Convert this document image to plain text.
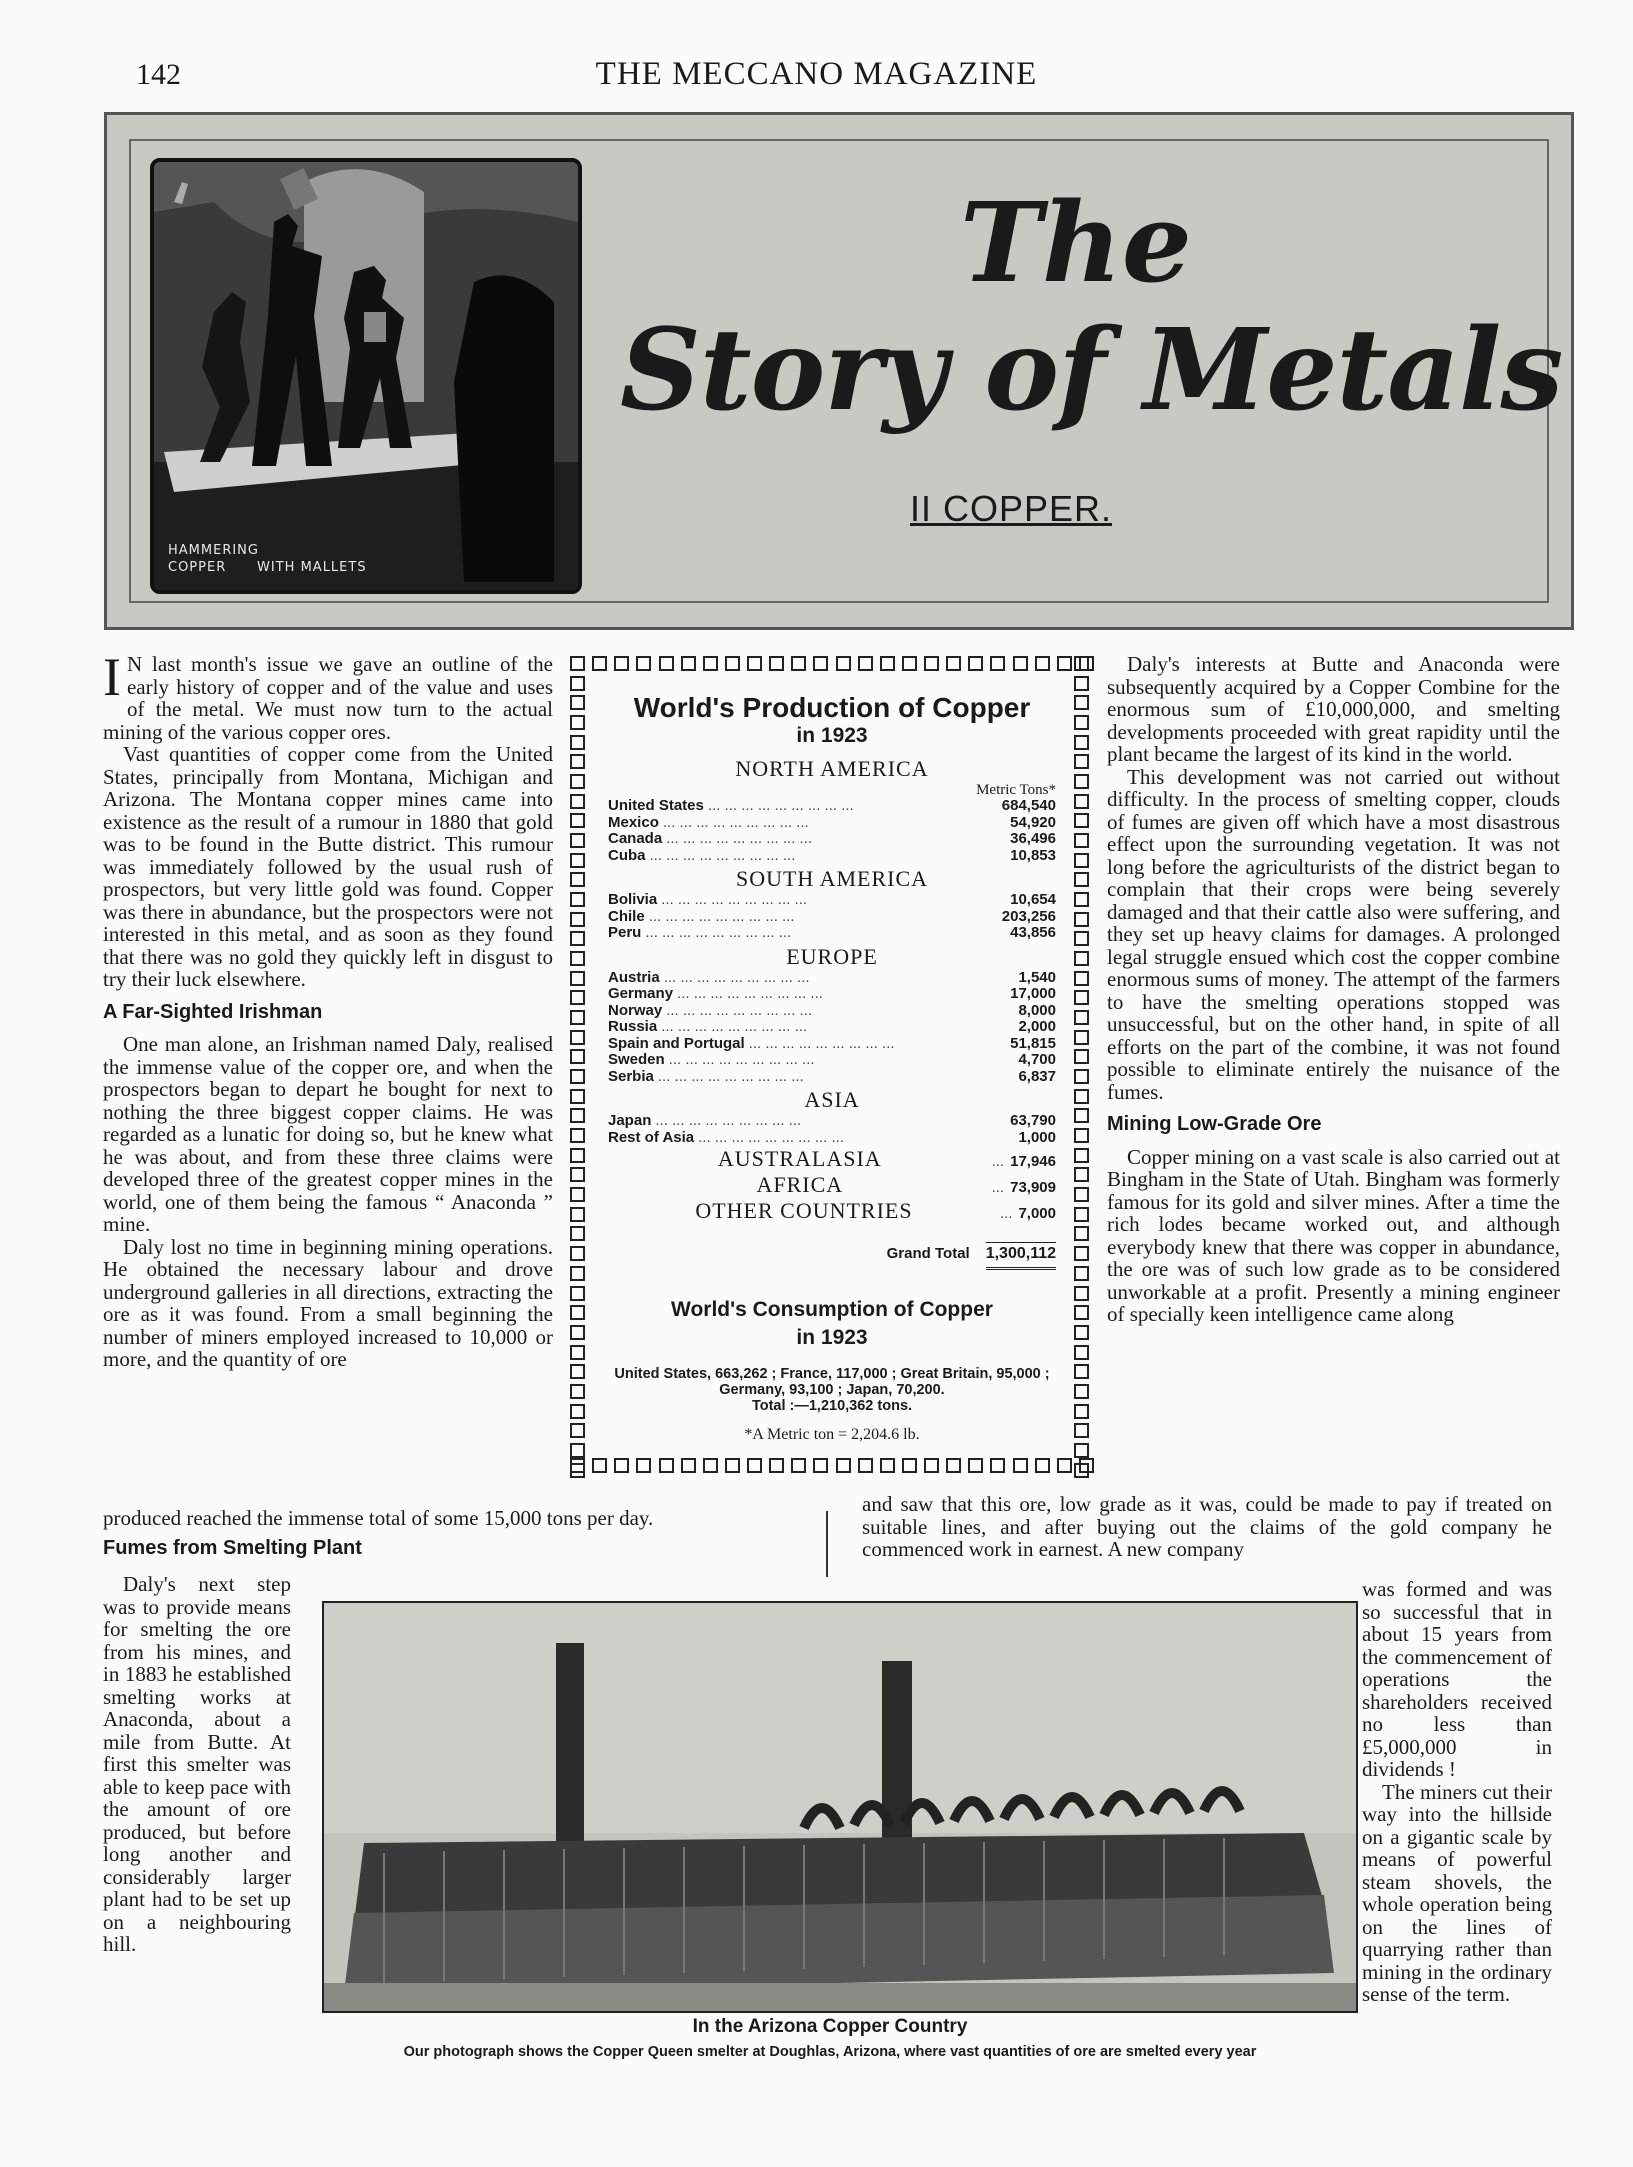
142	THE MECCANO MAGAZINE
HAMMERING
COPPER WITH MALLETS
The
Story of Metals
II COPPER.

I N last month's issue we gave an outline of the early history of copper and of the value and uses of the metal. We must now turn to the actual mining of the various copper ores.

Vast quantities of copper come from the United States, principally from Montana, Michigan and Arizona. The Montana copper mines came into existence as the result of a rumour in 1880 that gold was to be found in the Butte district. This rumour was immediately followed by the usual rush of prospectors, but very little gold was found. Copper was there in abundance, but the prospectors were not interested in this metal, and as soon as they found that there was no gold they quickly left in disgust to try their luck elsewhere.

A Far-Sighted Irishman

One man alone, an Irishman named Daly, realised the immense value of the copper ore, and when the prospectors began to depart he bought for next to nothing the three biggest copper claims. He was regarded as a lunatic for doing so, but he knew what he was about, and from these three claims were developed three of the greatest copper mines in the world, one of them being the famous “ Anaconda ” mine.

Daly lost no time in beginning mining operations. He obtained the necessary labour and drove underground galleries in all directions, extracting the ore as it was found. From a small beginning the number of miners employed increased to 10,000 or more, and the quantity of ore

produced reached the immense total of some 15,000 tons per day.
Fumes from Smelting Plant

Daly's next step was to provide means for smelting the ore from his mines, and in 1883 he established smelting works at Anaconda, about a mile from Butte. At first this smelter was able to keep pace with the amount of ore produced, but before long another and considerably larger plant had to be set up on a neighbouring hill.

World's Production of Copper
in 1923
NORTH AMERICA
Metric Tons*
United States ... ... ... ... ... ... ... ... ...	684,540
Mexico ... ... ... ... ... ... ... ... ...	54,920
Canada ... ... ... ... ... ... ... ... ...	36,496
Cuba ... ... ... ... ... ... ... ... ...	10,853
SOUTH AMERICA
Bolivia ... ... ... ... ... ... ... ... ...	10,654
Chile ... ... ... ... ... ... ... ... ...	203,256
Peru ... ... ... ... ... ... ... ... ...	43,856
EUROPE
Austria ... ... ... ... ... ... ... ... ...	1,540
Germany ... ... ... ... ... ... ... ... ...	17,000
Norway ... ... ... ... ... ... ... ... ...	8,000
Russia ... ... ... ... ... ... ... ... ...	2,000
Spain and Portugal ... ... ... ... ... ... ... ... ...	51,815
Sweden ... ... ... ... ... ... ... ... ...	4,700
Serbia ... ... ... ... ... ... ... ... ...	6,837
ASIA
Japan ... ... ... ... ... ... ... ... ...	63,790
Rest of Asia ... ... ... ... ... ... ... ... ...	1,000
AUSTRALASIA	... 17,946
AFRICA	... 73,909
OTHER COUNTRIES	... 7,000
Grand Total 1,300,112
World's Consumption of Copper
in 1923
United States, 663,262 ; France, 117,000 ; Great Britain, 95,000 ; Germany, 93,100 ; Japan, 70,200.
Total :—1,210,362 tons.
*A Metric ton = 2,204.6 lb.

Daly's interests at Butte and Anaconda were subsequently acquired by a Copper Combine for the enormous sum of £10,000,000, and smelting developments proceeded with great rapidity until the plant became the largest of its kind in the world.

This development was not carried out without difficulty. In the process of smelting copper, clouds of fumes are given off which have a most disastrous effect upon the surrounding vegetation. It was not long before the agriculturists of the district began to complain that their crops were being severely damaged and that their cattle also were suffering, and they set up heavy claims for damages. A prolonged legal struggle ensued which cost the copper combine enormous sums of money. The attempt of the farmers to have the smelting operations stopped was unsuccessful, but on the other hand, in spite of all efforts on the part of the combine, it was not found possible to eliminate entirely the nuisance of the fumes.

Mining Low-Grade Ore

Copper mining on a vast scale is also carried out at Bingham in the State of Utah. Bingham was formerly famous for its gold and silver mines. After a time the rich lodes became worked out, and although everybody knew that there was copper in abundance, the ore was of such low grade as to be considered unworkable at a profit. Presently a mining engineer of specially keen intelligence came along

and saw that this ore, low grade as it was, could be made to pay if treated on suitable lines, and after buying out the claims of the gold company he commenced work in earnest. A new company

was formed and was so successful that in about 15 years from the commencement of operations the shareholders received no less than £5,000,000 in dividends !

The miners cut their way into the hillside on a gigantic scale by means of powerful steam shovels, the whole operation being on the lines of quarrying rather than mining in the ordinary sense of the term.

In the Arizona Copper Country
Our photograph shows the Copper Queen smelter at Doughlas, Arizona, where vast quantities of ore are smelted every year
